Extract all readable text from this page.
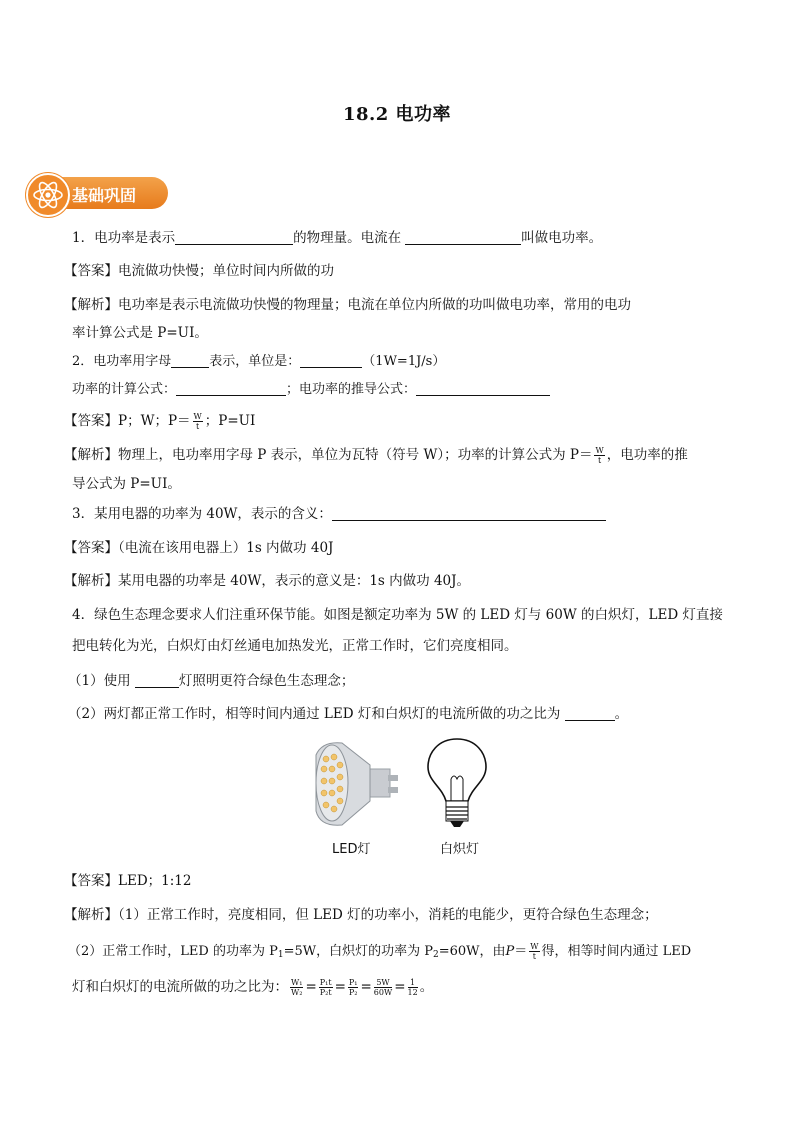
18.2 电功率
基础巩固
1．电功率是表示	的物理量。电流在	叫做电功率。
【答案】电流做功快慢；单位时间内所做的功
【解析】电功率是表示电流做功快慢的物理量；电流在单位内所做的功叫做电功率，常用的电功
率计算公式是 P=UI。
2．电功率用字母	表示，单位是：	（1W=1J/s）
功率的计算公式：	；电功率的推导公式：
【答案】P；W；$P= \frac{W}{t}$ ；P=UI
【解析】物理上，电功率用字母 P 表示，单位为瓦特（符号 W）；功率的计算公式为 $P= \frac{W}{t}$ ，电功率的推
导公式为 P=UI。
3．某用电器的功率为 40W，表示的含义：
【答案】（电流在该用电器上）1s 内做功 40J
【解析】某用电器的功率是 40W，表示的意义是：1s 内做功 40J。
4．绿色生态理念要求人们注重环保节能。如图是额定功率为 5W 的 LED 灯与 60W 的白炽灯，LED 灯直接
把电转化为光，白炽灯由灯丝通电加热发光，正常工作时，它们亮度相同。
（1）使用	灯照明更符合绿色生态理念；
（2）两灯都正常工作时，相等时间内通过 LED 灯和白炽灯的电流所做的功之比为	。
LED灯	白炽灯
【答案】LED；1:12
【解析】（1）正常工作时，亮度相同，但 LED 灯的功率小，消耗的电能少，更符合绿色生态理念；
（2）正常工作时，LED 的功率为 $P_1=5W$，白炽灯的功率为 $P_2=60W$，由$P= \frac{W}{t}$ 得，相等时间内通过 LED
灯和白炽灯的电流所做的功之比为： $\frac{\text{W₁}}{\text{W₂}} = \frac{\text{P₁t}}{\text{P₂t}} = \frac{\text{P₁}}{\text{P₂}} = \frac{5W}{60W} = \frac{1}{12}$ 。
